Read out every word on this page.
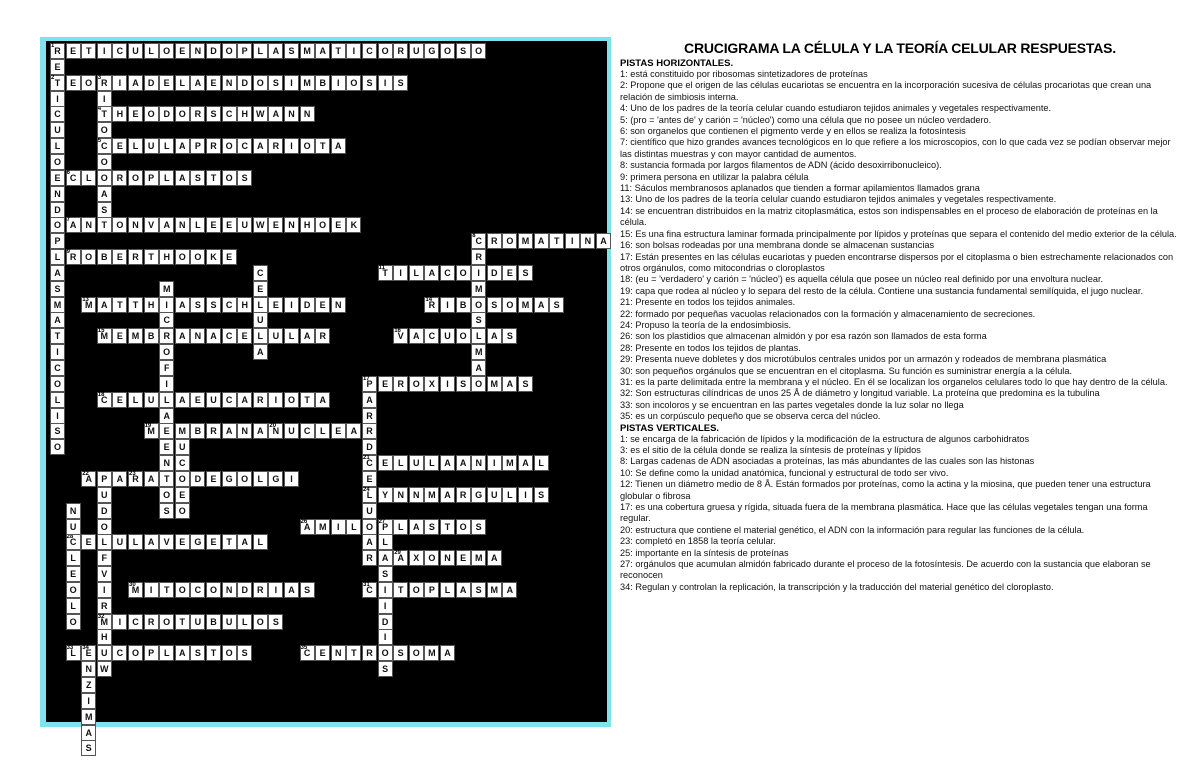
R
1	E	T	I	C	U	L	O	E	N	D O	P	L	A	S M A	T	I	C O R	U G O	S	O
T
2	E	O R
3	I	A	D	E	L	A	E	N	D O	S	I	M B	I	O	S	I	S
T
4	H	E	O D O R	S	C	H W A	N	N
C
5	E	L	U	L	A	P	R O C	A	R	I	O	T	A
C
6	L	O R O	P	L	A	S	T	O	S
A
7	N	T	O N	V	A	N	L	E	E	U W E	N	H O	E	K
C
8	R O M A	T	I	N	A
R
9	O B	E	R	T	H O O K	E
T
11	I	L	A	C O	I	D	E	S
M
13	A	T	T	H	I	A	S	S	C	H	L	E	I	D	E	N	R
14	I	B O	S	O M A	S
M
15	E M B	R	A	N	A	C	E	L	U	L	A	R	V
16	A	C	U O	L	A	S
P
17	E	R O	X	I	S	O M A	S
C
18	E	L	U	L	A	E	U	C	A	R	I	O	T	A
M
19	E M B	R	A	N	A	N
20	U	C	L	E	A	R
C
21	E	L	U	L	A	A	N	I	M A	L
A
22	P	A	R
23	A	T	O D	E	G O	L	G	I
L
24	Y	N	N M A	R G U	L	I	S
A
26	M	I	L	O	P
27	L	A	S	T	O	S
C
28	E	L	U	L	A	V	E	G	E	T	A	L
A
29	X	O N	E M A
M
30	I	T	O C O N	D	R	I	A	S	C
31	I	T	O	P	L	A	S M A
M
32	I	C	R O	T	U	B	U	L	O	S
L
33	E
34	U	C O	P	L	A	S	T	O	S	C
35	E	N	T	R O	S	O M A
E
I
C
U
L
O
E
N
D
O
P
L
A
S
M
A
T
I
C
O
L
I
S
O
I
O
O
A
S
R
M
S
M
A
C
E
U
A
M
C
O
F
I
A
E
N
O
S
A
R
D
E
U
A
R
U
C
E
O
U
D
O
F
V
I
R
H
W
N
U
L
E
O
L
O
L
A
S
I
D
I
S
N
Z
I
M
A
S

CRUCIGRAMA LA CÉLULA Y LA TEORÍA CELULAR RESPUESTAS.

PISTAS HORIZONTALES.

1: está constituido por ribosomas sintetizadores de proteínas

2: Propone que el origen de las células eucariotas se encuentra en la incorporación sucesiva de células procariotas que crean una relación de simbiosis interna.

4: Uno de los padres de la teoría celular cuando estudiaron tejidos animales y vegetales respectivamente.

5: (pro = 'antes de' y carión = 'núcleo') como una célula que no posee un núcleo verdadero.

6: son organelos que contienen el pigmento verde y en ellos se realiza la fotosíntesis

7: científico que hizo grandes avances tecnológicos en lo que refiere a los microscopios, con lo que cada vez se podían observar mejor las distintas muestras y con mayor cantidad de aumentos.

8: sustancia formada por largos filamentos de ADN (ácido desoxirribonucleico).

9: primera persona en utilizar la palabra célula

11: Sáculos membranosos aplanados que tienden a formar apilamientos llamados grana

13: Uno de los padres de la teoría celular cuando estudiaron tejidos animales y vegetales respectivamente.

14: se encuentran distribuidos en la matriz citoplasmática, estos son indispensables en el proceso de elaboración de proteínas en la célula.

15: Es una fina estructura laminar formada principalmente por lípidos y proteínas que separa el contenido del medio exterior de la célula.

16: son bolsas rodeadas por una membrana donde se almacenan sustancias

17: Están presentes en las células eucariotas y pueden encontrarse dispersos por el citoplasma o bien estrechamente relacionados con otros orgánulos, como mitocondrias o cloroplastos

18: (eu = 'verdadero' y carión = 'núcleo') es aquella célula que posee un núcleo real definido por una envoltura nuclear.

19: capa que rodea al núcleo y lo separa del resto de la célula. Contiene una sustancia fundamental semilíquida, el jugo nuclear.

21: Presente en todos los tejidos animales.

22: formado por pequeñas vacuolas relacionados con la formación y almacenamiento de secreciones.

24: Propuso la teoría de la endosimbiosis.

26: son los plastidios que almacenan almidón y por esa razón son llamados de esta forma

28: Presente en todos los tejidos de plantas.

29: Presenta nueve dobletes y dos microtúbulos centrales unidos por un armazón y rodeados de membrana plasmática

30: son pequeños orgánulos que se encuentran en el citoplasma. Su función es suministrar energía a la célula.

31: es la parte delimitada entre la membrana y el núcleo. En él se localizan los organelos celulares todo lo que hay dentro de la célula.

32: Son estructuras cilíndricas de unos 25 Å de diámetro y longitud variable. La proteína que predomina es la tubulina

33: son incoloros y se encuentran en las partes vegetales donde la luz solar no llega

35: es un corpúsculo pequeño que se observa cerca del núcleo.

PISTAS VERTICALES.

1: se encarga de la fabricación de lípidos y la modificación de la estructura de algunos carbohidratos

3: es el sitio de la célula donde se realiza la síntesis de proteínas y lípidos

8: Largas cadenas de ADN asociadas a proteínas, las más abundantes de las cuales son las histonas

10: Se define como la unidad anatómica, funcional y estructural de todo ser vivo.

12: Tienen un diámetro medio de 8 Å. Están formados por proteínas, como la actina y la miosina, que pueden tener una estructura globular o fibrosa

17: es una cobertura gruesa y rígida, situada fuera de la membrana plasmática. Hace que las células vegetales tengan una forma regular.

20: estructura que contiene el material genético, el ADN con la información para regular las funciones de la célula.

23: completó en 1858 la teoría celular.

25: importante en la síntesis de proteínas

27: orgánulos que acumulan almidón fabricado durante el proceso de la fotosíntesis. De acuerdo con la sustancia que elaboran se reconocen

34: Regulan y controlan la replicación, la transcripción y la traducción del material genético del cloroplasto.
